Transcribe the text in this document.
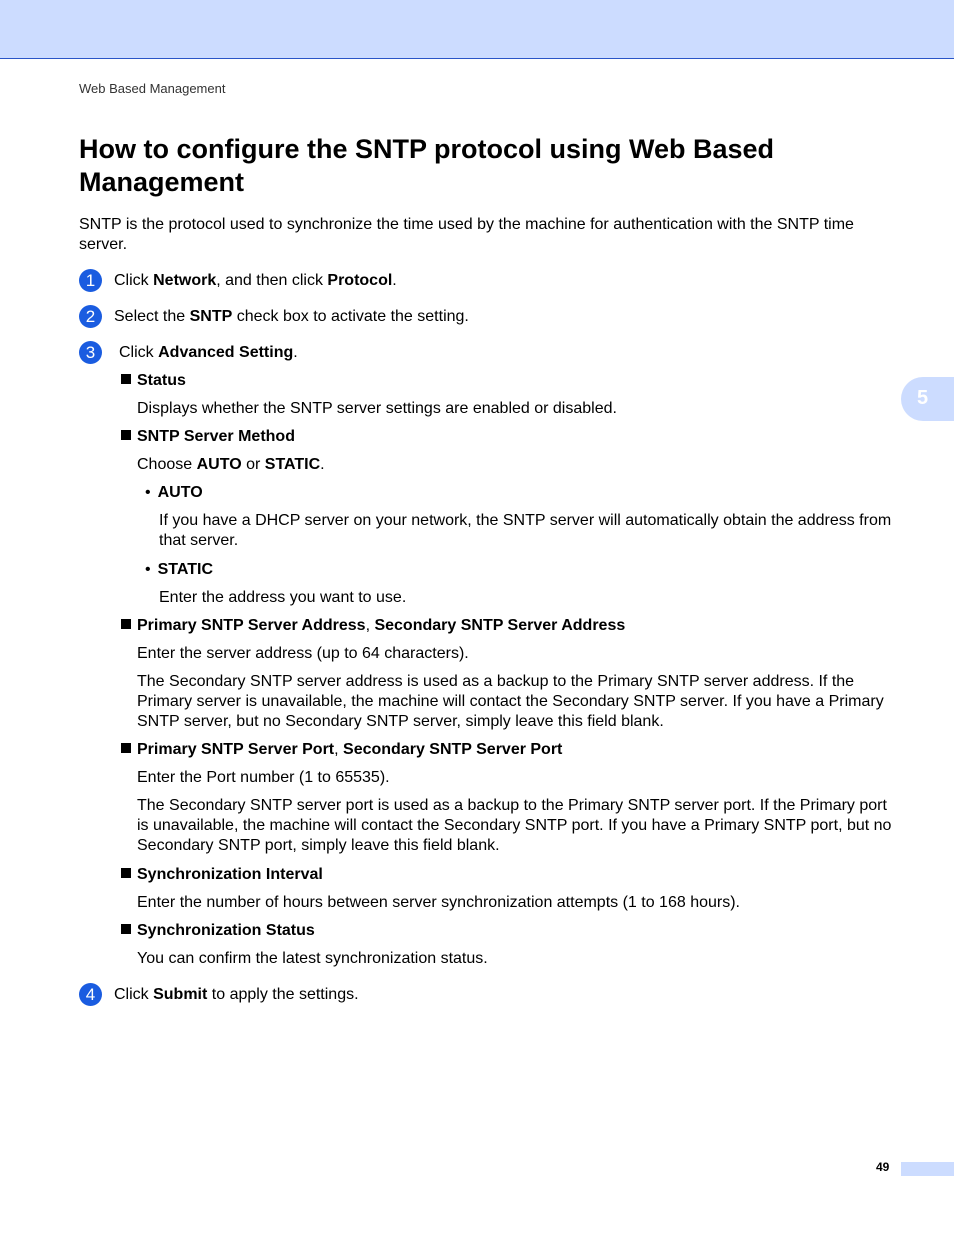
Web Based Management
How to configure the SNTP protocol using Web Based Management

SNTP is the protocol used to synchronize the time used by the machine for authentication with the SNTP time server.

1	Click Network, and then click Protocol.
2	Select the SNTP check box to activate the setting.
3	Click Advanced Setting.
Status

Displays whether the SNTP server settings are enabled or disabled.

SNTP Server Method

Choose AUTO or STATIC.

• AUTO

If you have a DHCP server on your network, the SNTP server will automatically obtain the address from that server.

• STATIC

Enter the address you want to use.

Primary SNTP Server Address, Secondary SNTP Server Address

Enter the server address (up to 64 characters).

The Secondary SNTP server address is used as a backup to the Primary SNTP server address. If the Primary server is unavailable, the machine will contact the Secondary SNTP server. If you have a Primary SNTP server, but no Secondary SNTP server, simply leave this field blank.

Primary SNTP Server Port, Secondary SNTP Server Port

Enter the Port number (1 to 65535).

The Secondary SNTP server port is used as a backup to the Primary SNTP server port. If the Primary port is unavailable, the machine will contact the Secondary SNTP port. If you have a Primary SNTP port, but no Secondary SNTP port, simply leave this field blank.

Synchronization Interval

Enter the number of hours between server synchronization attempts (1 to 168 hours).

Synchronization Status

You can confirm the latest synchronization status.

4	Click Submit to apply the settings.
5
49
